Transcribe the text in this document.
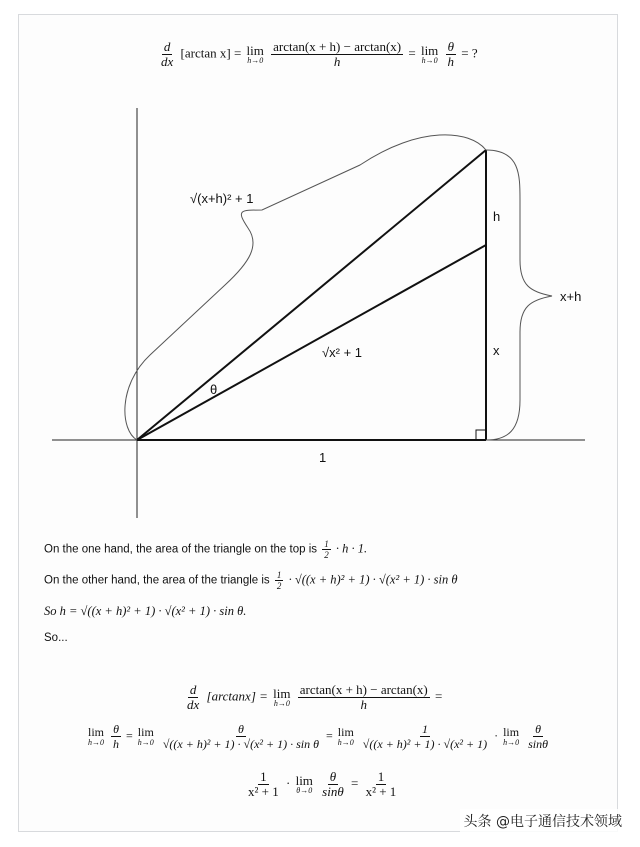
$\frac{d}{dx} [\arctan$ x] = lim
h→0
$\frac{\arctan(x + h) - \arctan(x)}{h} = \lim$
h→0
$\frac{\theta}{h}$ = ?
√(x+h)² + 1
h
x
x+h
√x² + 1
θ
1
On the one hand, the area of the triangle on the top is $\frac{1}{2} \cdot h \cdot 1$.
On the other hand, the area of the triangle is $\frac{1}{2} \cdot √((x + h)^2 + 1) \cdot √(x^2 + 1) \cdot \sin \theta$
So h = √((x + h)² + 1) · √(x² + 1) · sin θ.
So...
$\frac{d}{dx} [\arctan x] = \lim$
h→0
$\frac{\arctan(x + h) - \arctan(x)}{h}$ =
lim
h→0
$\frac{\theta}{h} = \lim$
h→0
$\frac{\theta}{\text{√((x + h)² + 1) · √(x² + 1) · sin θ}} = \lim$
h→0
$\frac{1}{\text{√((x + h)² + 1) · √(x² + 1)}} \cdot \lim$
h→0
$\frac{\theta}{\sin\theta}$
$\frac{1}{\text{x² + 1}} \cdot \lim$
θ→0
$\frac{\theta}{\sin\theta} = \frac{1}{\text{x² + 1}}$
头条 @电子通信技术领域
